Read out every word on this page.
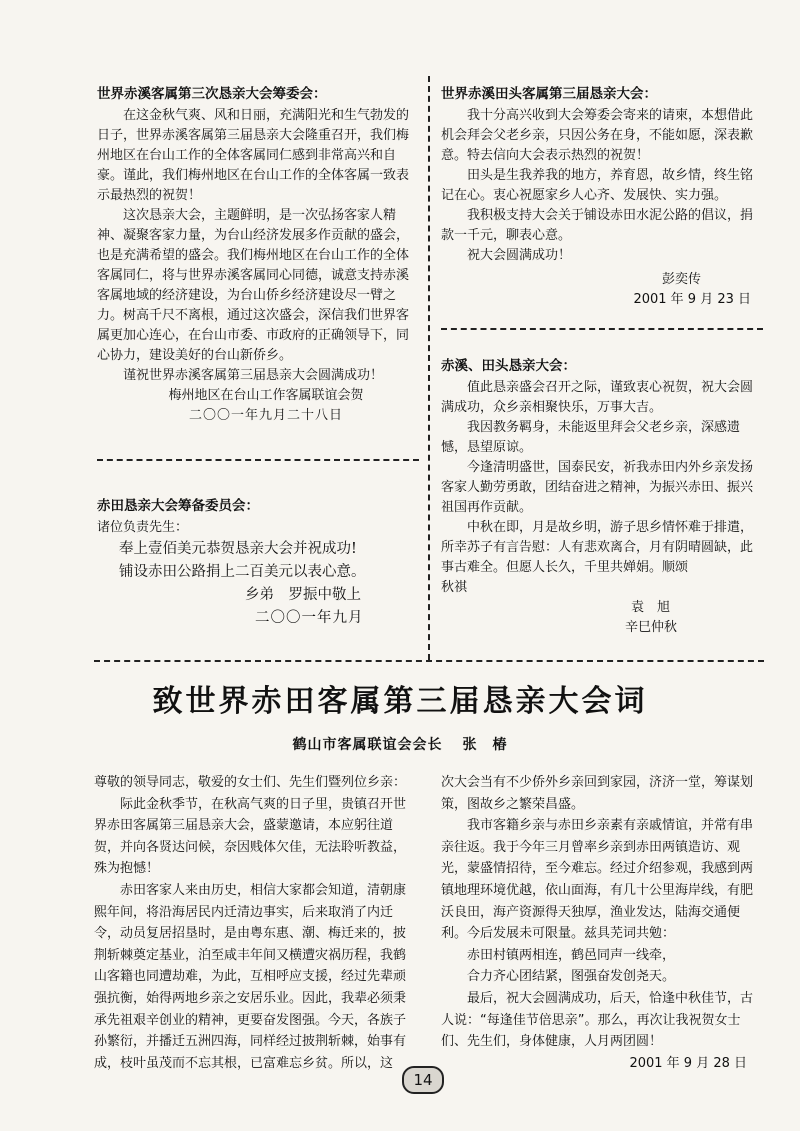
世界赤溪客属第三次恳亲大会筹委会：

在这金秋气爽、风和日丽，充满阳光和生气勃发的日子，世界赤溪客属第三届恳亲大会隆重召开，我们梅州地区在台山工作的全体客属同仁感到非常高兴和自豪。谨此，我们梅州地区在台山工作的全体客属一致表示最热烈的祝贺！

这次恳亲大会，主题鲜明，是一次弘扬客家人精神、凝聚客家力量，为台山经济发展多作贡献的盛会，也是充满希望的盛会。我们梅州地区在台山工作的全体客属同仁，将与世界赤溪客属同心同德，诚意支持赤溪客属地域的经济建设，为台山侨乡经济建设尽一臂之力。树高千尺不离根，通过这次盛会，深信我们世界客属更加心连心，在台山市委、市政府的正确领导下，同心协力，建设美好的台山新侨乡。

谨祝世界赤溪客属第三届恳亲大会圆满成功！

梅州地区在台山工作客属联谊会贺

二〇〇一年九月二十八日

赤田恳亲大会筹备委员会：

诸位负责先生：

奉上壹佰美元恭贺恳亲大会并祝成功!

铺设赤田公路捐上二百美元以表心意。

乡弟　罗振中敬上

二〇〇一年九月

世界赤溪田头客属第三届恳亲大会：

我十分高兴收到大会筹委会寄来的请柬，本想借此机会拜会父老乡亲，只因公务在身，不能如愿，深表歉意。特去信向大会表示热烈的祝贺！

田头是生我养我的地方，养育恩，故乡情，终生铭记在心。衷心祝愿家乡人心齐、发展快、实力强。

我积极支持大会关于铺设赤田水泥公路的倡议，捐款一千元，聊表心意。

祝大会圆满成功！

彭奕传

2001 年 9 月 23 日

赤溪、田头恳亲大会：

值此恳亲盛会召开之际，谨致衷心祝贺，祝大会圆满成功，众乡亲相聚快乐，万事大吉。

我因教务羁身，未能返里拜会父老乡亲，深感遗憾，恳望原谅。

今逢清明盛世，国泰民安，祈我赤田内外乡亲发扬客家人勤劳勇敢，团结奋进之精神，为振兴赤田、振兴祖国再作贡献。

中秋在即，月是故乡明，游子思乡情怀难于排遣，所幸苏子有言告慰：人有悲欢离合，月有阴晴圆缺，此事古难全。但愿人长久，千里共婵娟。顺颂

秋祺

袁　旭

辛巳仲秋

致世界赤田客属第三届恳亲大会词
鹤山市客属联谊会会长 张　椿

尊敬的领导同志，敬爱的女士们、先生们暨列位乡亲：

际此金秋季节，在秋高气爽的日子里，贵镇召开世界赤田客属第三届恳亲大会，盛蒙邀请，本应躬往道贺，并向各贤达问候，奈因贱体欠佳，无法聆听教益，殊为抱憾！

赤田客家人来由历史，相信大家都会知道，清朝康熙年间，将沿海居民内迁清边事实，后来取消了内迁令，动员复居招垦时，是由粤东惠、潮、梅迁来的，披荆斩棘奠定基业，泊至咸丰年间又横遭灾祸历程，我鹤山客籍也同遭劫难，为此，互相呼应支援，经过先辈顽强抗衡，始得两地乡亲之安居乐业。因此，我辈必须秉承先祖艰辛创业的精神，更要奋发图强。今天，各族子孙繁衍，并播迁五洲四海，同样经过披荆斩棘，始事有成，枝叶虽茂而不忘其根，已富难忘乡贫。所以，这

次大会当有不少侨外乡亲回到家园，济济一堂，筹谋划策，图故乡之繁荣昌盛。

我市客籍乡亲与赤田乡亲素有亲戚情谊，并常有串亲往返。我于今年三月曾率乡亲到赤田两镇造访、观光，蒙盛情招待，至今难忘。经过介绍参观，我感到两镇地理环境优越，依山面海，有几十公里海岸线，有肥沃良田，海产资源得天独厚，渔业发达，陆海交通便利。今后发展未可限量。兹具芜词共勉：

赤田村镇两相连，鹤邑同声一线牵，

合力齐心团结紧，图强奋发创尧天。

最后，祝大会圆满成功，后天，恰逢中秋佳节，古人说：“每逢佳节倍思亲”。那么，再次让我祝贺女士们、先生们，身体健康，人月两团圆！

2001 年 9 月 28 日

14
